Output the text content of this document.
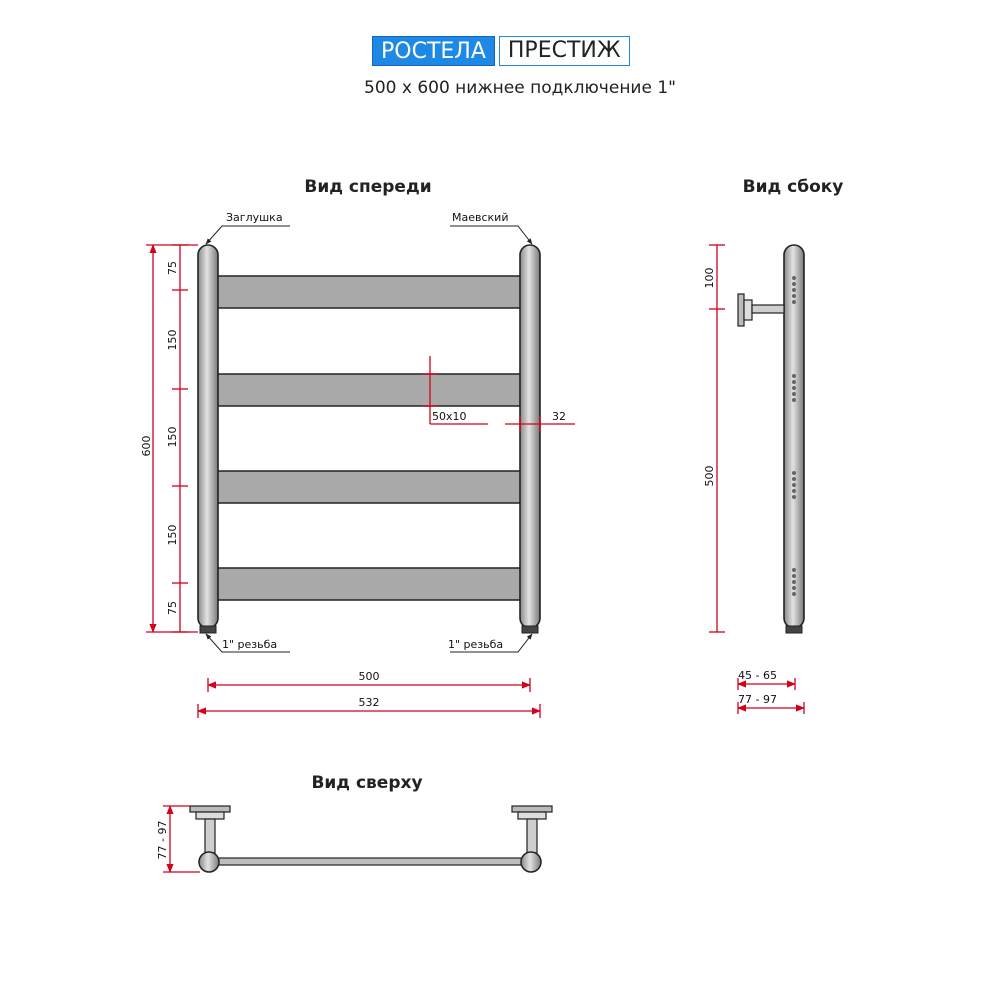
РОСТЕЛА	ПРЕСТИЖ
500 х 600 нижнее подключение 1"
Вид спереди
Заглушка	Маевский
1" резьба	1" резьба
600
75
150
150
150
75
50x10	32
500
532
Вид сбоку
100
500
45 - 65
77 - 97
Вид сверху
77 - 97
